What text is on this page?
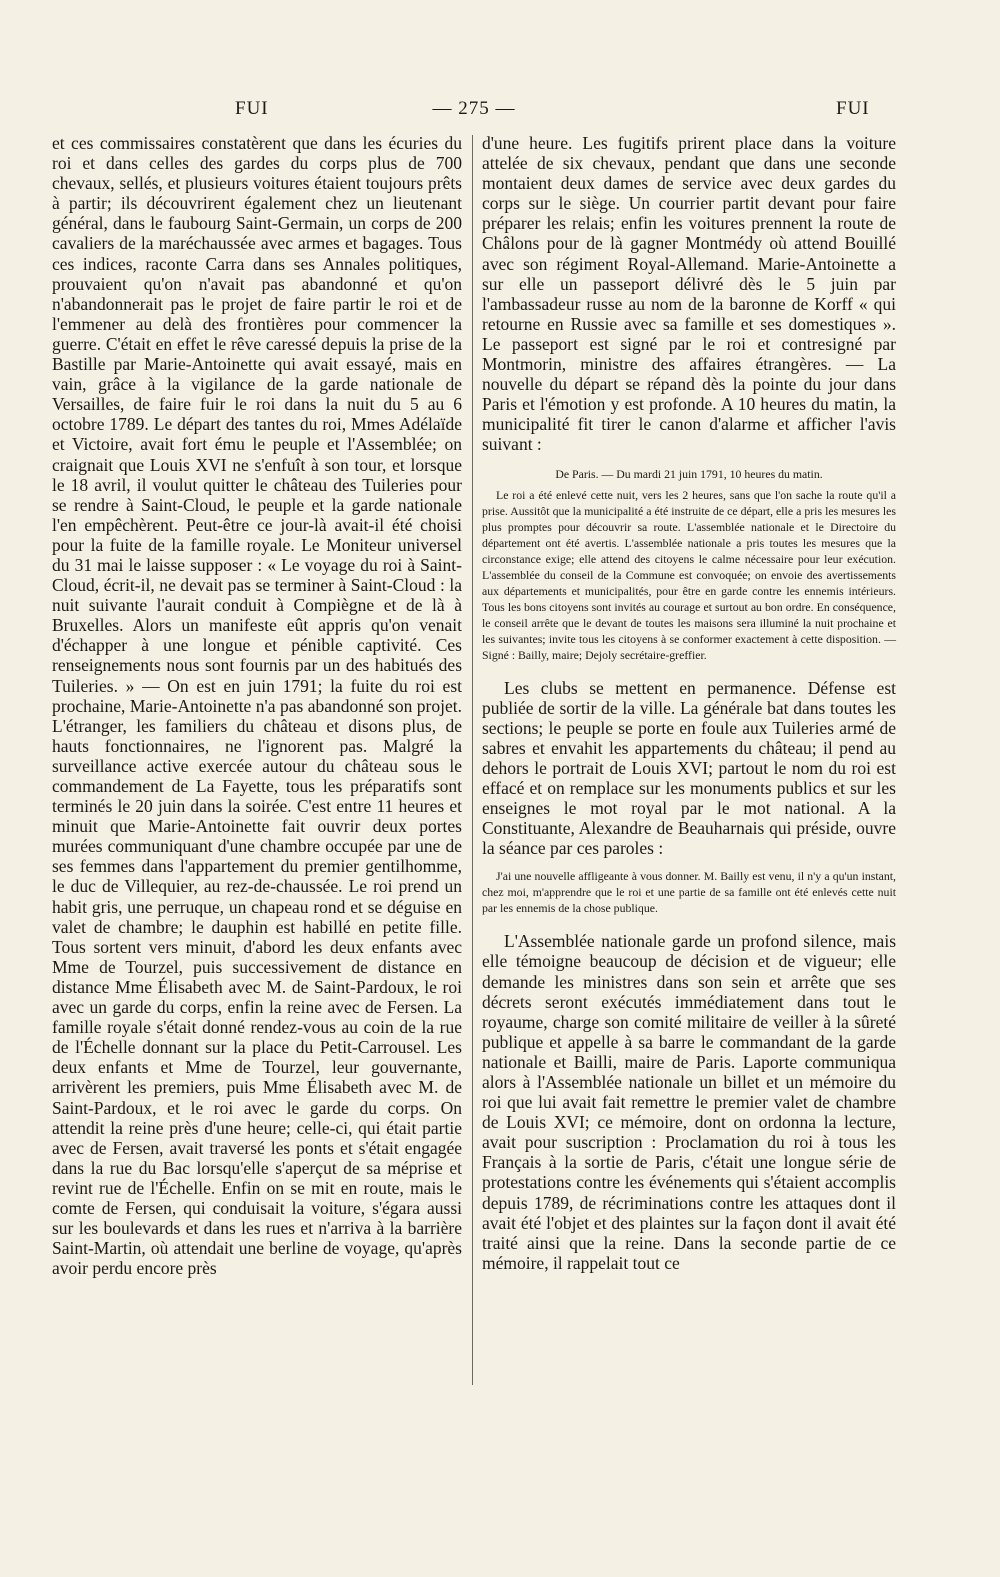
FUI	— 275 —	FUI

et ces commissaires constatèrent que dans les écuries du roi et dans celles des gardes du corps plus de 700 chevaux, sellés, et plusieurs voitures étaient toujours prêts à partir; ils découvrirent également chez un lieutenant général, dans le faubourg Saint-Germain, un corps de 200 cavaliers de la maréchaussée avec armes et bagages. Tous ces indices, raconte Carra dans ses Annales politiques, prouvaient qu'on n'avait pas abandonné et qu'on n'abandonnerait pas le projet de faire partir le roi et de l'emmener au delà des frontières pour commencer la guerre. C'était en effet le rêve caressé depuis la prise de la Bastille par Marie-Antoinette qui avait essayé, mais en vain, grâce à la vigilance de la garde nationale de Versailles, de faire fuir le roi dans la nuit du 5 au 6 octobre 1789. Le départ des tantes du roi, Mmes Adélaïde et Victoire, avait fort ému le peuple et l'Assemblée; on craignait que Louis XVI ne s'enfuît à son tour, et lorsque le 18 avril, il voulut quitter le château des Tuileries pour se rendre à Saint-Cloud, le peuple et la garde nationale l'en empêchèrent. Peut-être ce jour-là avait-il été choisi pour la fuite de la famille royale. Le Moniteur universel du 31 mai le laisse supposer : « Le voyage du roi à Saint-Cloud, écrit-il, ne devait pas se terminer à Saint-Cloud : la nuit suivante l'aurait conduit à Compiègne et de là à Bruxelles. Alors un manifeste eût appris qu'on venait d'échapper à une longue et pénible captivité. Ces renseignements nous sont fournis par un des habitués des Tuileries. » — On est en juin 1791; la fuite du roi est prochaine, Marie-Antoinette n'a pas abandonné son projet. L'étranger, les familiers du château et disons plus, de hauts fonctionnaires, ne l'ignorent pas. Malgré la surveillance active exercée autour du château sous le commandement de La Fayette, tous les préparatifs sont terminés le 20 juin dans la soirée. C'est entre 11 heures et minuit que Marie-Antoinette fait ouvrir deux portes murées communiquant d'une chambre occupée par une de ses femmes dans l'appartement du premier gentilhomme, le duc de Villequier, au rez-de-chaussée. Le roi prend un habit gris, une perruque, un chapeau rond et se déguise en valet de chambre; le dauphin est habillé en petite fille. Tous sortent vers minuit, d'abord les deux enfants avec Mme de Tourzel, puis successivement de distance en distance Mme Élisabeth avec M. de Saint-Pardoux, le roi avec un garde du corps, enfin la reine avec de Fersen. La famille royale s'était donné rendez-vous au coin de la rue de l'Échelle donnant sur la place du Petit-Carrousel. Les deux enfants et Mme de Tourzel, leur gouvernante, arrivèrent les premiers, puis Mme Élisabeth avec M. de Saint-Pardoux, et le roi avec le garde du corps. On attendit la reine près d'une heure; celle-ci, qui était partie avec de Fersen, avait traversé les ponts et s'était engagée dans la rue du Bac lorsqu'elle s'aperçut de sa méprise et revint rue de l'Échelle. Enfin on se mit en route, mais le comte de Fersen, qui conduisait la voiture, s'égara aussi sur les boulevards et dans les rues et n'arriva à la barrière Saint-Martin, où attendait une berline de voyage, qu'après avoir perdu encore près

d'une heure. Les fugitifs prirent place dans la voiture attelée de six chevaux, pendant que dans une seconde montaient deux dames de service avec deux gardes du corps sur le siège. Un courrier partit devant pour faire préparer les relais; enfin les voitures prennent la route de Châlons pour de là gagner Montmédy où attend Bouillé avec son régiment Royal-Allemand. Marie-Antoinette a sur elle un passeport délivré dès le 5 juin par l'ambassadeur russe au nom de la baronne de Korff « qui retourne en Russie avec sa famille et ses domestiques ». Le passeport est signé par le roi et contresigné par Montmorin, ministre des affaires étrangères. — La nouvelle du départ se répand dès la pointe du jour dans Paris et l'émotion y est profonde. A 10 heures du matin, la municipalité fit tirer le canon d'alarme et afficher l'avis suivant :

De Paris. — Du mardi 21 juin 1791, 10 heures du matin.

Le roi a été enlevé cette nuit, vers les 2 heures, sans que l'on sache la route qu'il a prise. Aussitôt que la municipalité a été instruite de ce départ, elle a pris les mesures les plus promptes pour découvrir sa route. L'assemblée nationale et le Directoire du département ont été avertis. L'assemblée nationale a pris toutes les mesures que la circonstance exige; elle attend des citoyens le calme nécessaire pour leur exécution. L'assemblée du conseil de la Commune est convoquée; on envoie des avertissements aux départements et municipalités, pour être en garde contre les ennemis intérieurs. Tous les bons citoyens sont invités au courage et surtout au bon ordre. En conséquence, le conseil arrête que le devant de toutes les maisons sera illuminé la nuit prochaine et les suivantes; invite tous les citoyens à se conformer exactement à cette disposition. — Signé : Bailly, maire; Dejoly secrétaire-greffier.

Les clubs se mettent en permanence. Défense est publiée de sortir de la ville. La générale bat dans toutes les sections; le peuple se porte en foule aux Tuileries armé de sabres et envahit les appartements du château; il pend au dehors le portrait de Louis XVI; partout le nom du roi est effacé et on remplace sur les monuments publics et sur les enseignes le mot royal par le mot national. A la Constituante, Alexandre de Beauharnais qui préside, ouvre la séance par ces paroles :

J'ai une nouvelle affligeante à vous donner. M. Bailly est venu, il n'y a qu'un instant, chez moi, m'apprendre que le roi et une partie de sa famille ont été enlevés cette nuit par les ennemis de la chose publique.

L'Assemblée nationale garde un profond silence, mais elle témoigne beaucoup de décision et de vigueur; elle demande les ministres dans son sein et arrête que ses décrets seront exécutés immédiatement dans tout le royaume, charge son comité militaire de veiller à la sûreté publique et appelle à sa barre le commandant de la garde nationale et Bailli, maire de Paris. Laporte communiqua alors à l'Assemblée nationale un billet et un mémoire du roi que lui avait fait remettre le premier valet de chambre de Louis XVI; ce mémoire, dont on ordonna la lecture, avait pour suscription : Proclamation du roi à tous les Français à la sortie de Paris, c'était une longue série de protestations contre les événements qui s'étaient accomplis depuis 1789, de récriminations contre les attaques dont il avait été l'objet et des plaintes sur la façon dont il avait été traité ainsi que la reine. Dans la seconde partie de ce mémoire, il rappelait tout ce
